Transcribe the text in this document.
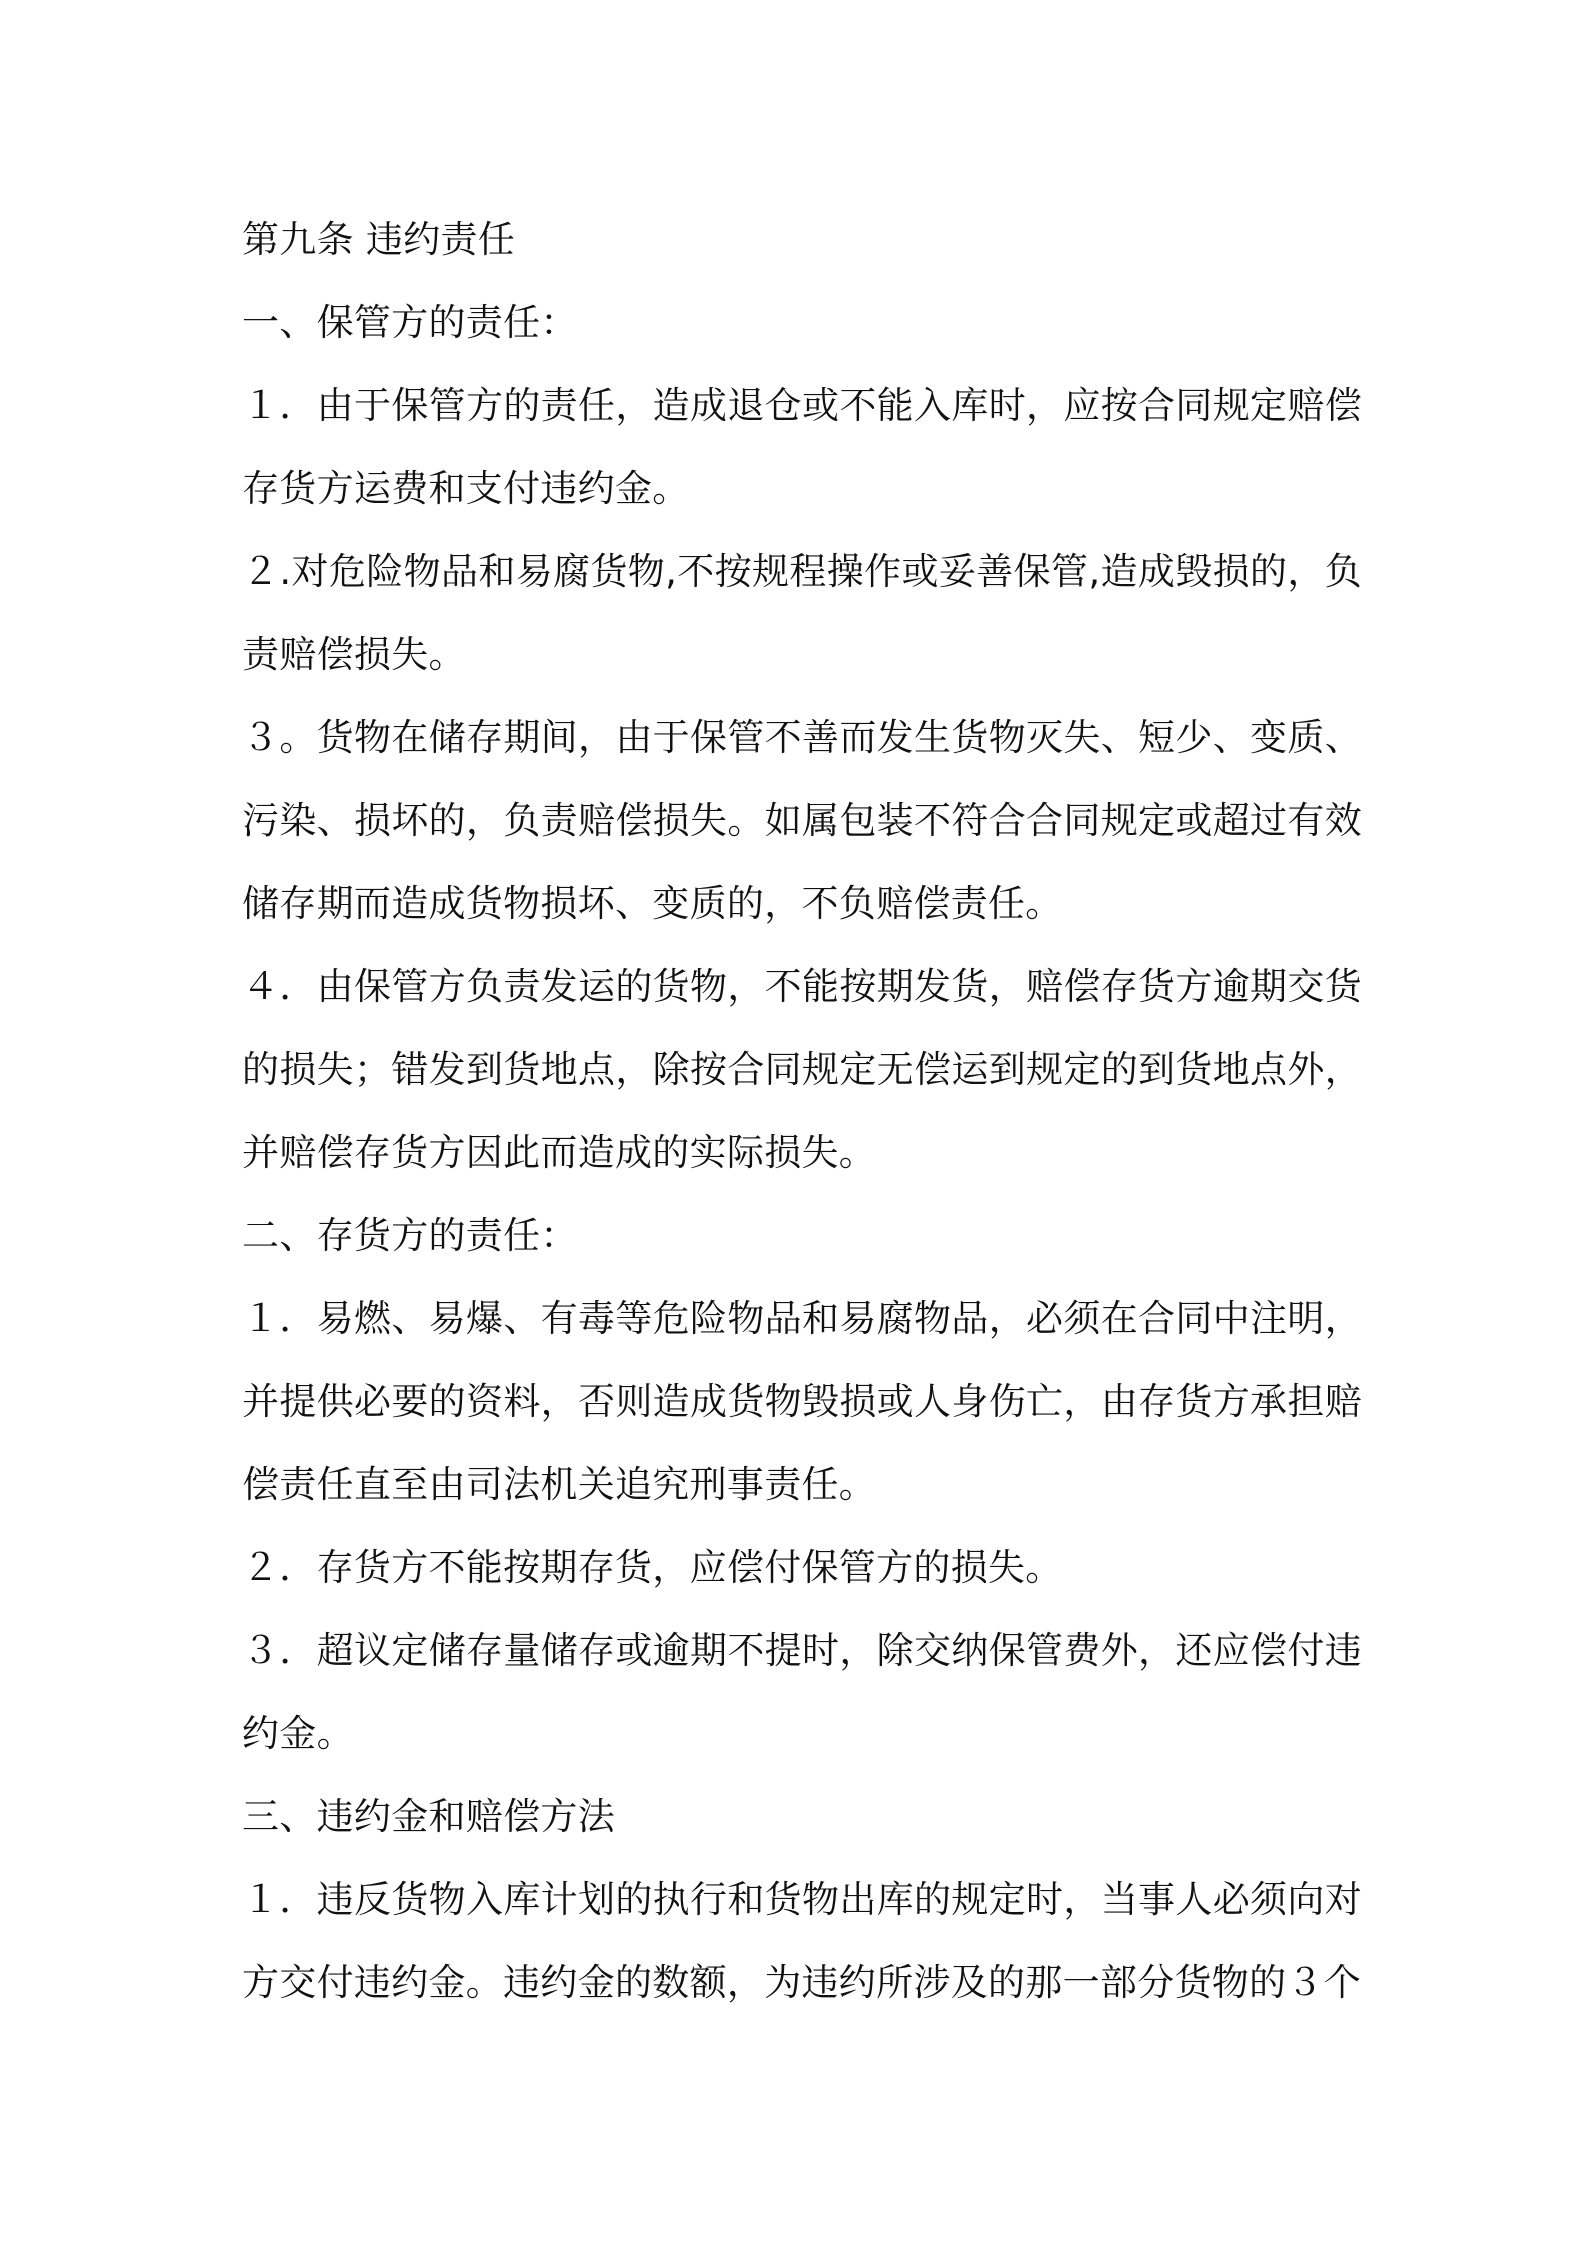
第九条 违约责任

一、保管方的责任：

１．由于保管方的责任，造成退仓或不能入库时，应按合同规定赔偿存货方运费和支付违约金。

２.对危险物品和易腐货物,不按规程操作或妥善保管,造成毁损的，负责赔偿损失。

３。货物在储存期间，由于保管不善而发生货物灭失、短少、变质、污染、损坏的，负责赔偿损失。如属包装不符合合同规定或超过有效储存期而造成货物损坏、变质的，不负赔偿责任。

４．由保管方负责发运的货物，不能按期发货，赔偿存货方逾期交货的损失；错发到货地点，除按合同规定无偿运到规定的到货地点外，并赔偿存货方因此而造成的实际损失。

二、存货方的责任：

１．易燃、易爆、有毒等危险物品和易腐物品，必须在合同中注明，并提供必要的资料，否则造成货物毁损或人身伤亡，由存货方承担赔偿责任直至由司法机关追究刑事责任。

２．存货方不能按期存货，应偿付保管方的损失。

３．超议定储存量储存或逾期不提时，除交纳保管费外，还应偿付违约金。

三、违约金和赔偿方法

１．违反货物入库计划的执行和货物出库的规定时，当事人必须向对方交付违约金。违约金的数额，为违约所涉及的那一部分货物的３个
